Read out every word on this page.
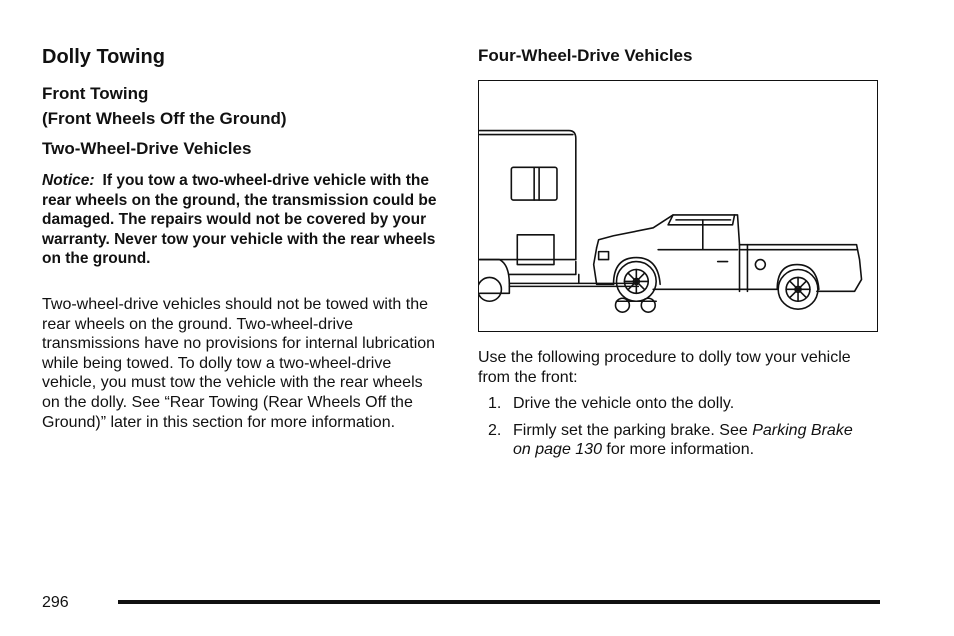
Dolly Towing
Front Towing
(Front Wheels Off the Ground)
Two-Wheel-Drive Vehicles

Notice: If you tow a two-wheel-drive vehicle with the rear wheels on the ground, the transmission could be damaged. The repairs would not be covered by your warranty. Never tow your vehicle with the rear wheels on the ground.

Two-wheel-drive vehicles should not be towed with the rear wheels on the ground. Two-wheel-drive transmissions have no provisions for internal lubrication while being towed. To dolly tow a two-wheel-drive vehicle, you must tow the vehicle with the rear wheels on the dolly. See “Rear Towing (Rear Wheels Off the Ground)” later in this section for more information.

Four-Wheel-Drive Vehicles

Use the following procedure to dolly tow your vehicle from the front:

1. Drive the vehicle onto the dolly.
2. Firmly set the parking brake. See Parking Brake on page 130 for more information.

296
